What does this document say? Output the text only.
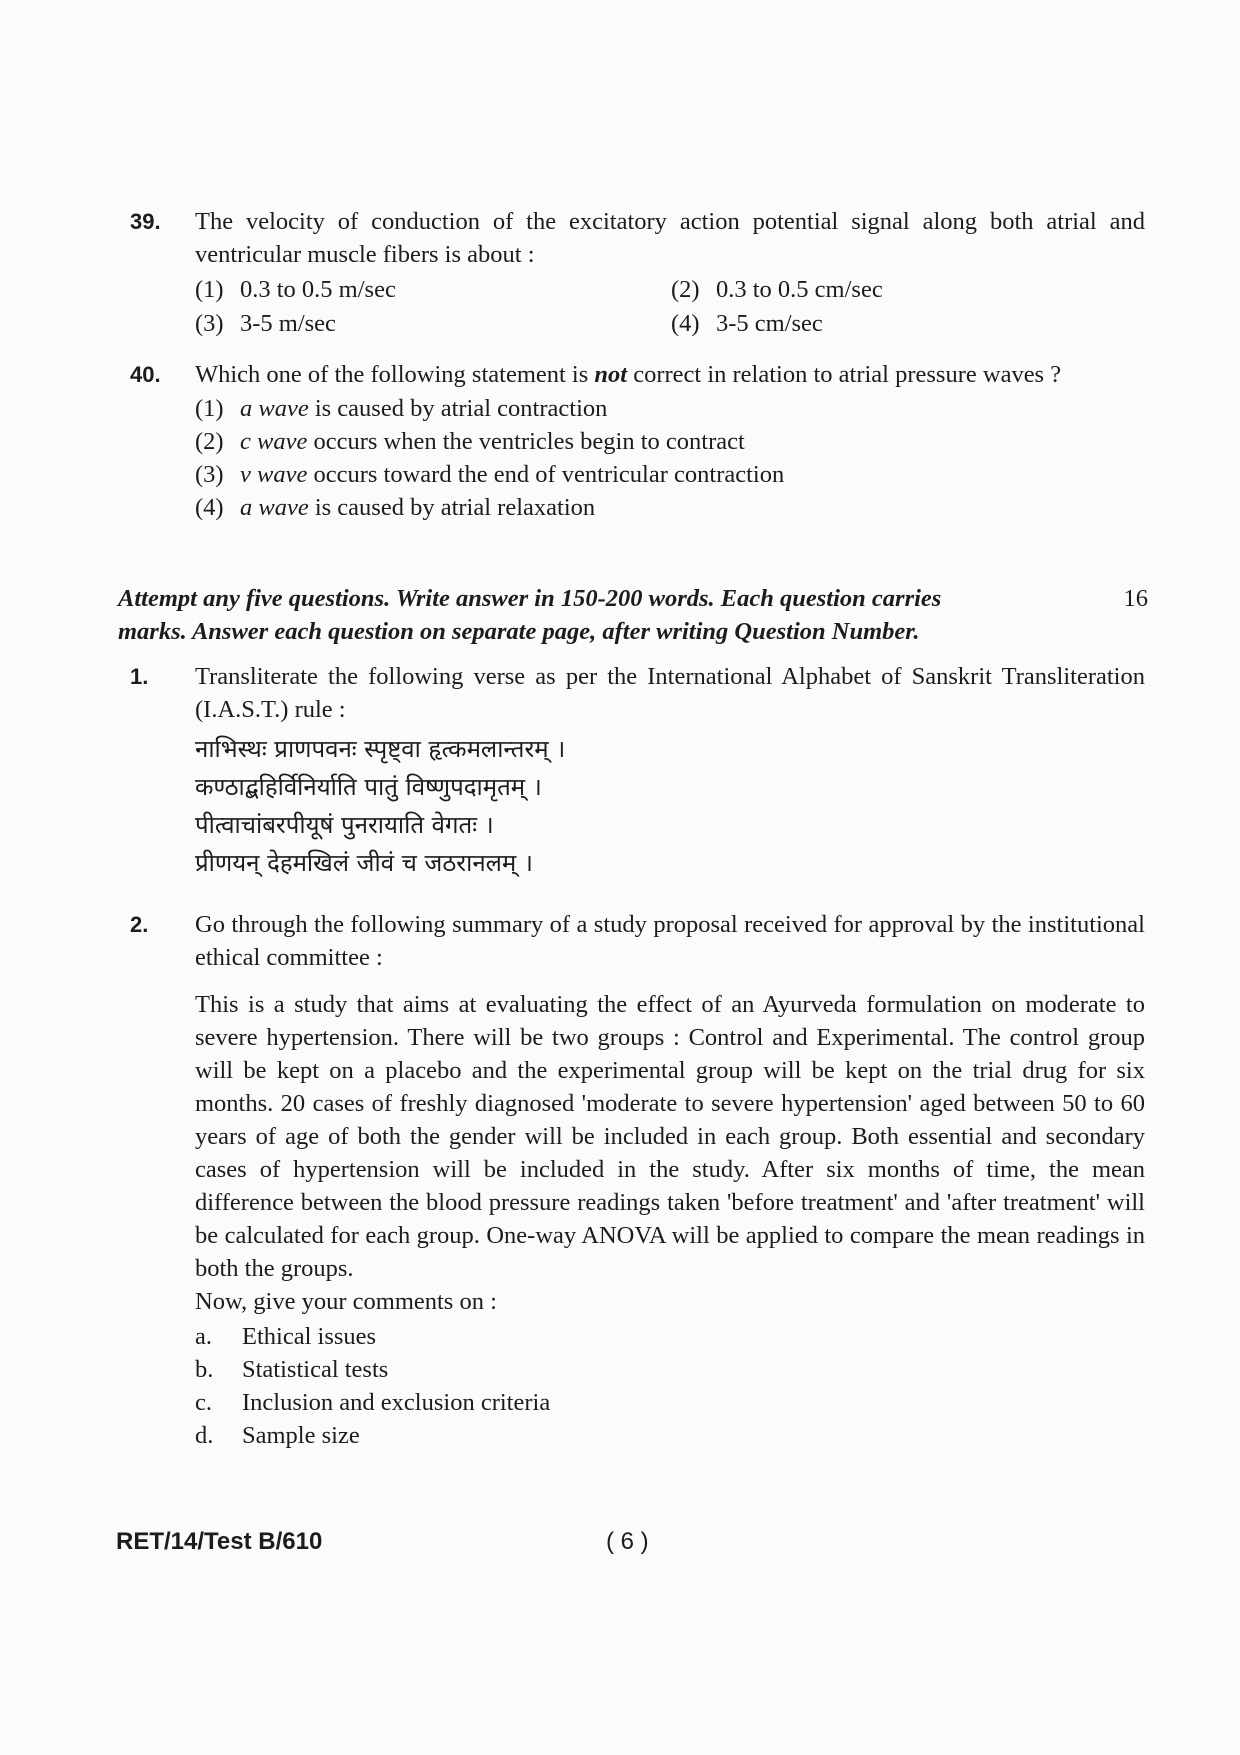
39.	The velocity of conduction of the excitatory action potential signal along both atrial and ventricular muscle fibers is about :
(1) 0.3 to 0.5 m/sec	(2) 0.3 to 0.5 cm/sec
(3) 3-5 m/sec	(4) 3-5 cm/sec
40.	Which one of the following statement is not correct in relation to atrial pressure waves ?
(1) a wave is caused by atrial contraction
(2) c wave occurs when the ventricles begin to contract
(3) v wave occurs toward the end of ventricular contraction
(4) a wave is caused by atrial relaxation
Attempt any five questions. Write answer in 150-200 words. Each question carries
marks. Answer each question on separate page, after writing Question Number.
16
1.	Transliterate the following verse as per the International Alphabet of Sanskrit Transliteration (I.A.S.T.) rule :
नाभिस्थः प्राणपवनः स्पृष्ट्वा हृत्कमलान्तरम् ।
कण्ठाद्बहिर्विनिर्याति पातुं विष्णुपदामृतम् ।
पीत्वाचांबरपीयूषं पुनरायाति वेगतः ।
प्रीणयन् देहमखिलं जीवं च जठरानलम् ।
2.	Go through the following summary of a study proposal received for approval by the institutional ethical committee :
This is a study that aims at evaluating the effect of an Ayurveda formulation on moderate to severe hypertension. There will be two groups : Control and Experimental. The control group will be kept on a placebo and the experimental group will be kept on the trial drug for six months. 20 cases of freshly diagnosed 'moderate to severe hypertension' aged between 50 to 60 years of age of both the gender will be included in each group. Both essential and secondary cases of hypertension will be included in the study. After six months of time, the mean difference between the blood pressure readings taken 'before treatment' and 'after treatment' will be calculated for each group. One-way ANOVA will be applied to compare the mean readings in both the groups.
Now, give your comments on :
a.	Ethical issues
b.	Statistical tests
c.	Inclusion and exclusion criteria
d.	Sample size
RET/14/Test B/610	( 6 )
